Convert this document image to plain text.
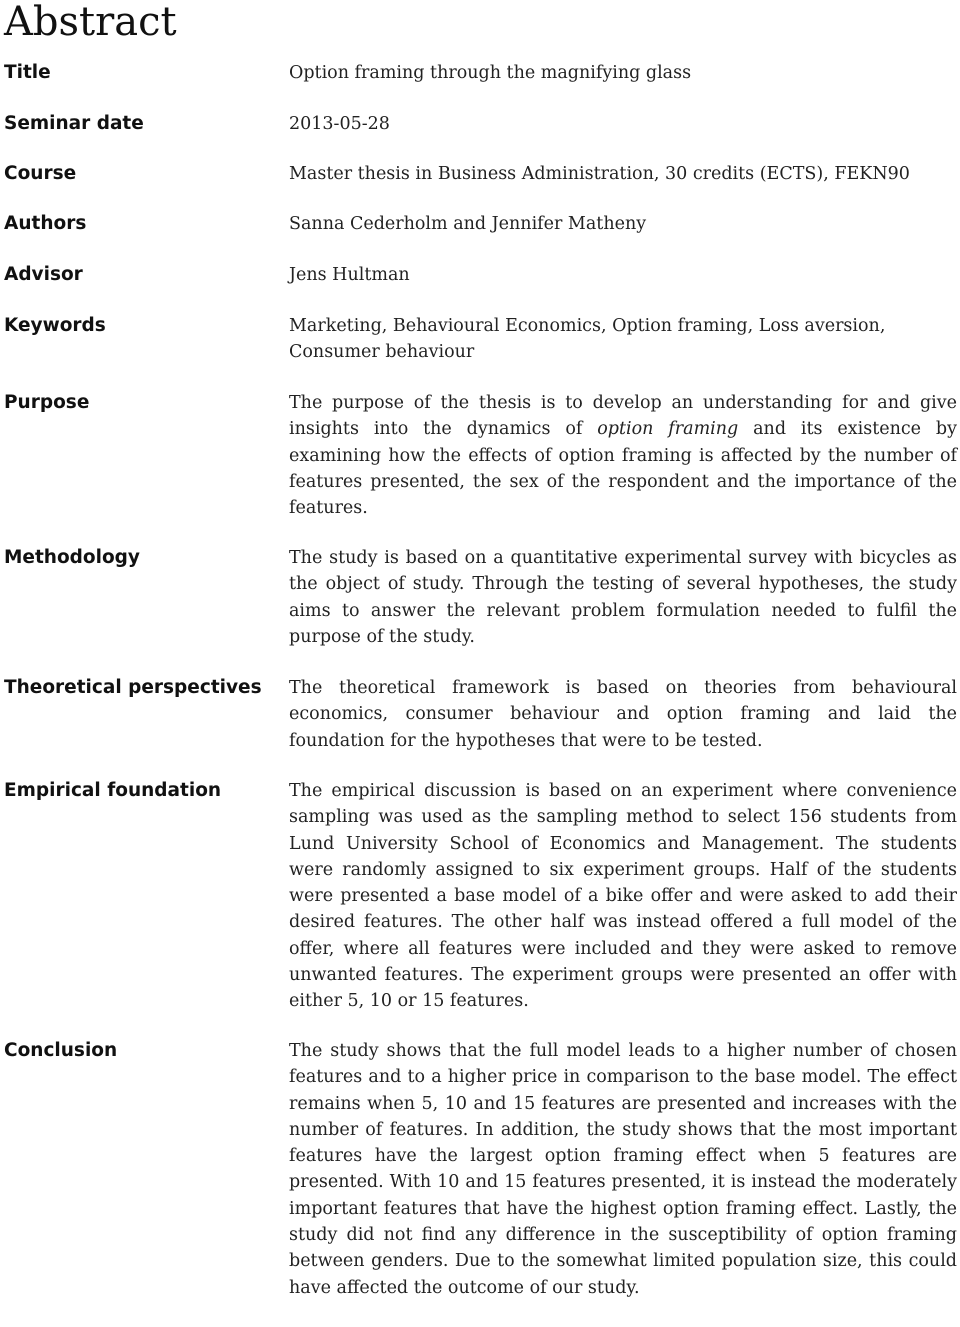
Abstract
Title	Option framing through the magnifying glass

Seminar date	2013-05-28

Course	Master thesis in Business Administration, 30 credits (ECTS), FEKN90

Authors	Sanna Cederholm and Jennifer Matheny

Advisor	Jens Hultman

Keywords	Marketing, Behavioural Economics, Option framing, Loss aversion, Consumer behaviour

Purpose	The purpose of the thesis is to develop an understanding for and give insights into the dynamics of option framing and its existence by examining how the effects of option framing is affected by the number of features presented, the sex of the respondent and the importance of the features.

Methodology	The study is based on a quantitative experimental survey with bicycles as the object of study. Through the testing of several hypotheses, the study aims to answer the relevant problem formulation needed to fulfil the purpose of the study.

Theoretical perspectives	The theoretical framework is based on theories from behavioural economics, consumer behaviour and option framing and laid the foundation for the hypotheses that were to be tested.

Empirical foundation	The empirical discussion is based on an experiment where convenience sampling was used as the sampling method to select 156 students from Lund University School of Economics and Management. The students were randomly assigned to six experiment groups. Half of the students were presented a base model of a bike offer and were asked to add their desired features. The other half was instead offered a full model of the offer, where all features were included and they were asked to remove unwanted features. The experiment groups were presented an offer with either 5, 10 or 15 features.

Conclusion	The study shows that the full model leads to a higher number of chosen features and to a higher price in comparison to the base model. The effect remains when 5, 10 and 15 features are presented and increases with the number of features. In addition, the study shows that the most important features have the largest option framing effect when 5 features are presented. With 10 and 15 features presented, it is instead the moderately important features that have the highest option framing effect. Lastly, the study did not find any difference in the susceptibility of option framing between genders. Due to the somewhat limited population size, this could have affected the outcome of our study.
